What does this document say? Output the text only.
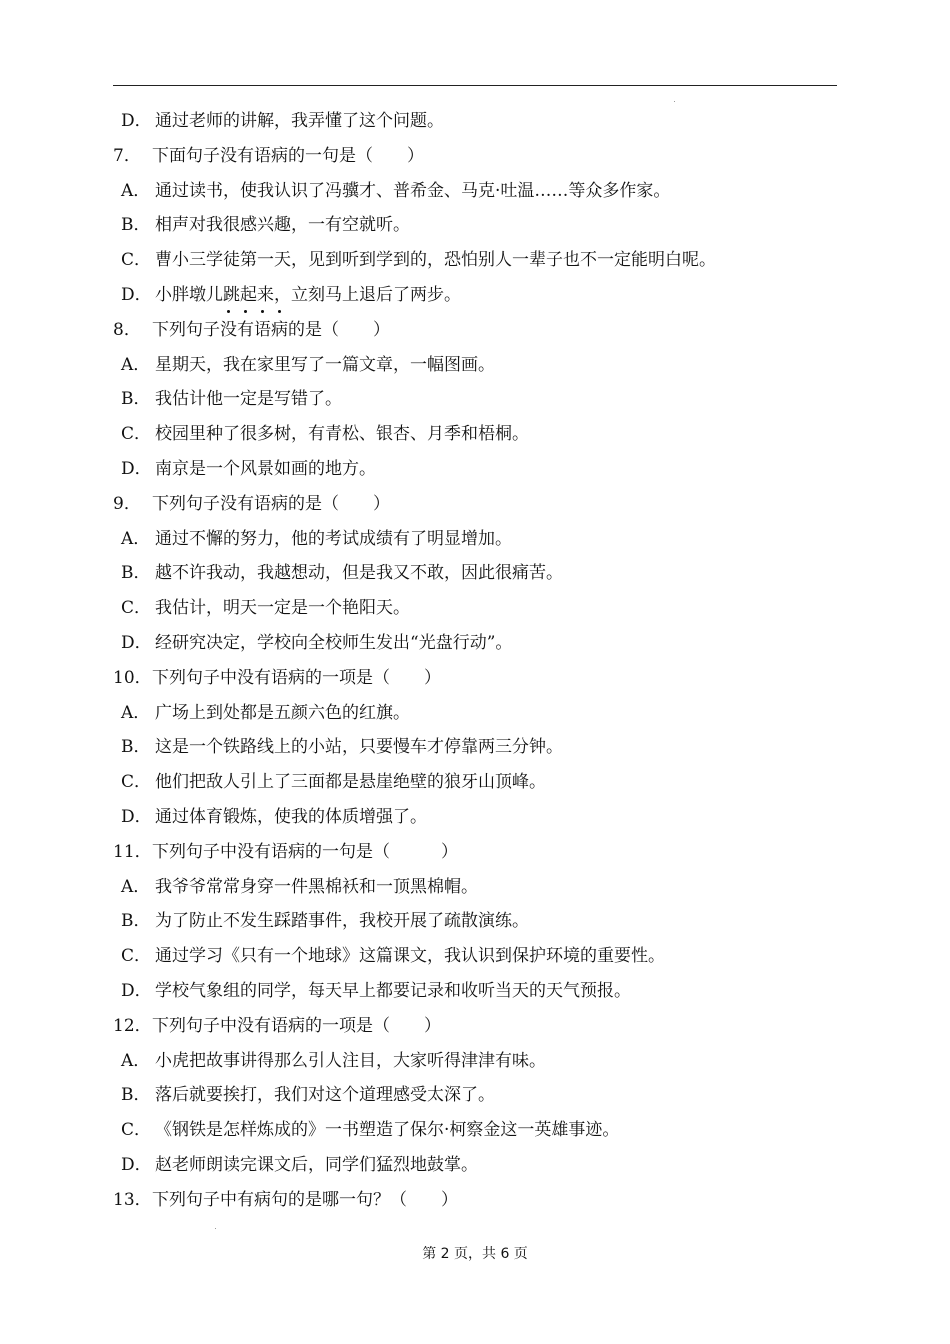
D． 通过老师的讲解，我弄懂了这个问题。
7． 下面句子没有语病的一句是（　　）
A． 通过读书，使我认识了冯骥才、普希金、马克·吐温……等众多作家。
B． 相声对我很感兴趣，一有空就听。
C． 曹小三学徒第一天，见到听到学到的，恐怕别人一辈子也不一定能明白呢。
D． 小胖墩儿跳起来，立刻马上退后了两步。
8． 下列句子没有语病的是（　　）
A． 星期天，我在家里写了一篇文章，一幅图画。
B． 我估计他一定是写错了。
C． 校园里种了很多树，有青松、银杏、月季和梧桐。
D． 南京是一个风景如画的地方。
9． 下列句子没有语病的是（　　）
A． 通过不懈的努力，他的考试成绩有了明显增加。
B． 越不许我动，我越想动，但是我又不敢，因此很痛苦。
C． 我估计，明天一定是一个艳阳天。
D． 经研究决定，学校向全校师生发出“光盘行动”。
10．下列句子中没有语病的一项是（　　）
A． 广场上到处都是五颜六色的红旗。
B． 这是一个铁路线上的小站，只要慢车才停靠两三分钟。
C． 他们把敌人引上了三面都是悬崖绝壁的狼牙山顶峰。
D． 通过体育锻炼，使我的体质增强了。
11．下列句子中没有语病的一句是（　　　）
A． 我爷爷常常身穿一件黑棉袄和一顶黑棉帽。
B． 为了防止不发生踩踏事件，我校开展了疏散演练。
C． 通过学习《只有一个地球》这篇课文，我认识到保护环境的重要性。
D． 学校气象组的同学，每天早上都要记录和收听当天的天气预报。
12．下列句子中没有语病的一项是（　　）
A． 小虎把故事讲得那么引人注目，大家听得津津有味。
B． 落后就要挨打，我们对这个道理感受太深了。
C． 《钢铁是怎样炼成的》一书塑造了保尔·柯察金这一英雄事迹。
D． 赵老师朗读完课文后，同学们猛烈地鼓掌。
13．下列句子中有病句的是哪一句？（　　）
第 2 页，共 6 页
